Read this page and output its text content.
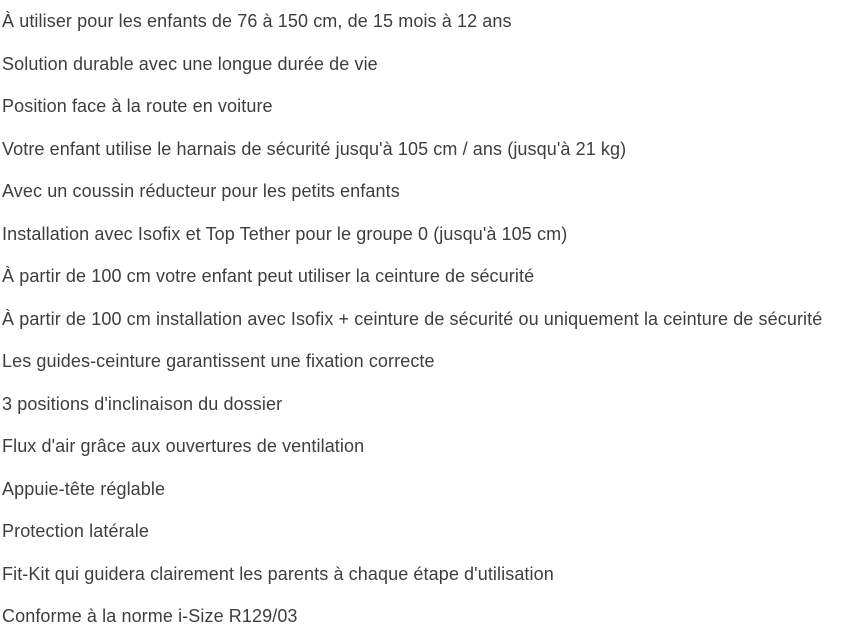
À utiliser pour les enfants de 76 à 150 cm, de 15 mois à 12 ans

Solution durable avec une longue durée de vie

Position face à la route en voiture

Votre enfant utilise le harnais de sécurité jusqu'à 105 cm / ans (jusqu'à 21 kg)

Avec un coussin réducteur pour les petits enfants

Installation avec Isofix et Top Tether pour le groupe 0 (jusqu'à 105 cm)

À partir de 100 cm votre enfant peut utiliser la ceinture de sécurité

À partir de 100 cm installation avec Isofix + ceinture de sécurité ou uniquement la ceinture de sécurité

Les guides-ceinture garantissent une fixation correcte

3 positions d'inclinaison du dossier

Flux d'air grâce aux ouvertures de ventilation

Appuie-tête réglable

Protection latérale

Fit-Kit qui guidera clairement les parents à chaque étape d'utilisation

Conforme à la norme i-Size R129/03
